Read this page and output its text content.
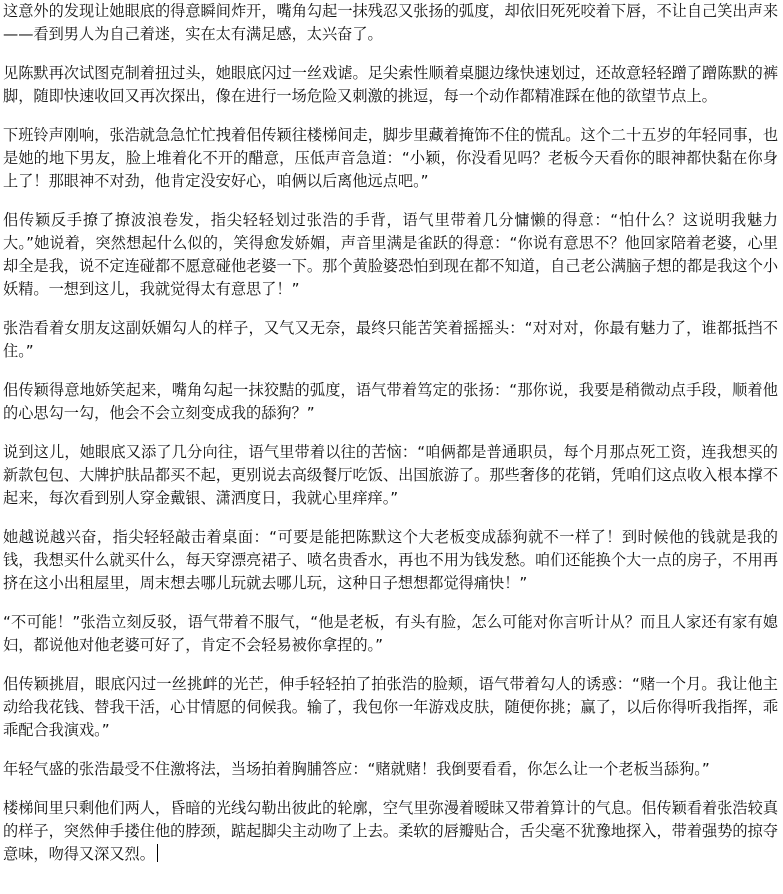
这意外的发现让她眼底的得意瞬间炸开，嘴角勾起一抹残忍又张扬的弧度，却依旧死死咬着下唇，不让自己笑出声来——看到男人为自己着迷，实在太有满足感，太兴奋了。

见陈默再次试图克制着扭过头，她眼底闪过一丝戏谑。足尖索性顺着桌腿边缘快速划过，还故意轻轻蹭了蹭陈默的裤脚，随即快速收回又再次探出，像在进行一场危险又刺激的挑逗，每一个动作都精准踩在他的欲望节点上。

下班铃声刚响，张浩就急急忙忙拽着佀传颖往楼梯间走，脚步里藏着掩饰不住的慌乱。这个二十五岁的年轻同事，也是她的地下男友，脸上堆着化不开的醋意，压低声音急道：“小颖，你没看见吗？老板今天看你的眼神都快黏在你身上了！那眼神不对劲，他肯定没安好心，咱俩以后离他远点吧。”

佀传颖反手撩了撩波浪卷发，指尖轻轻划过张浩的手背，语气里带着几分慵懒的得意：“怕什么？这说明我魅力大。”她说着，突然想起什么似的，笑得愈发娇媚，声音里满是雀跃的得意：“你说有意思不？他回家陪着老婆，心里却全是我，说不定连碰都不愿意碰他老婆一下。那个黄脸婆恐怕到现在都不知道，自己老公满脑子想的都是我这个小妖精。一想到这儿，我就觉得太有意思了！”

张浩看着女朋友这副妖媚勾人的样子，又气又无奈，最终只能苦笑着摇摇头：“对对对，你最有魅力了，谁都抵挡不住。”

佀传颖得意地娇笑起来，嘴角勾起一抹狡黠的弧度，语气带着笃定的张扬：“那你说，我要是稍微动点手段，顺着他的心思勾一勾，他会不会立刻变成我的舔狗？”

说到这儿，她眼底又添了几分向往，语气里带着以往的苦恼：“咱俩都是普通职员，每个月那点死工资，连我想买的新款包包、大牌护肤品都买不起，更别说去高级餐厅吃饭、出国旅游了。那些奢侈的花销，凭咱们这点收入根本撑不起来，每次看到别人穿金戴银、潇洒度日，我就心里痒痒。”

她越说越兴奋，指尖轻轻敲击着桌面：“可要是能把陈默这个大老板变成舔狗就不一样了！到时候他的钱就是我的钱，我想买什么就买什么，每天穿漂亮裙子、喷名贵香水，再也不用为钱发愁。咱们还能换个大一点的房子，不用再挤在这小出租屋里，周末想去哪儿玩就去哪儿玩，这种日子想想都觉得痛快！”

“不可能！”张浩立刻反驳，语气带着不服气，“他是老板，有头有脸，怎么可能对你言听计从？而且人家还有家有媳妇，都说他对他老婆可好了，肯定不会轻易被你拿捏的。”

佀传颖挑眉，眼底闪过一丝挑衅的光芒，伸手轻轻拍了拍张浩的脸颊，语气带着勾人的诱惑：“赌一个月。我让他主动给我花钱、替我干活，心甘情愿的伺候我。输了，我包你一年游戏皮肤，随便你挑；赢了，以后你得听我指挥，乖乖配合我演戏。”

年轻气盛的张浩最受不住激将法，当场拍着胸脯答应：“赌就赌！我倒要看看，你怎么让一个老板当舔狗。”

楼梯间里只剩他们两人，昏暗的光线勾勒出彼此的轮廓，空气里弥漫着暧昧又带着算计的气息。佀传颖看着张浩较真的样子，突然伸手搂住他的脖颈，踮起脚尖主动吻了上去。柔软的唇瓣贴合，舌尖毫不犹豫地探入，带着强势的掠夺意味，吻得又深又烈。
